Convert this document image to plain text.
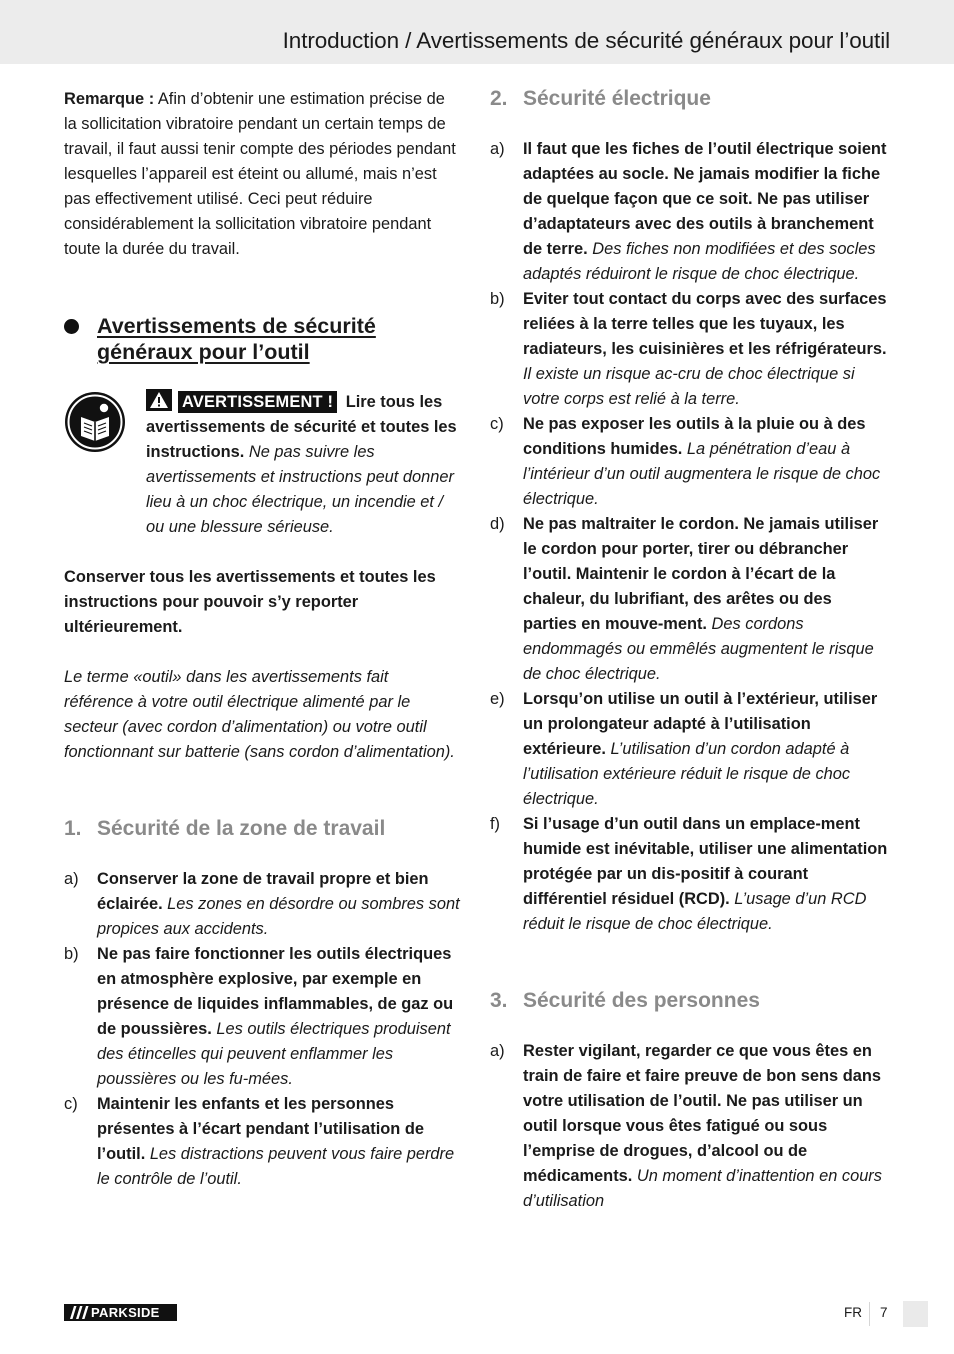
Introduction / Avertissements de sécurité généraux pour l’outil

Remarque : Afin d’obtenir une estimation précise de la sollicitation vibratoire pendant un certain temps de travail, il faut aussi tenir compte des périodes pendant lesquelles l’appareil est éteint ou allumé, mais n’est pas effectivement utilisé. Ceci peut réduire considérablement la sollicitation vibratoire pendant toute la durée du travail.

Avertissements de sécurité
généraux pour l’outil

AVERTISSEMENT ! Lire tous les avertissements de sécurité et toutes les instructions. Ne pas suivre les avertissements et instructions peut donner lieu à un choc électrique, un incendie et / ou une blessure sérieuse.

Conserver tous les avertissements et toutes les instructions pour pouvoir s’y reporter ultérieurement.

Le terme «outil» dans les avertissements fait référence à votre outil électrique alimenté par le secteur (avec cordon d’alimentation) ou votre outil fonctionnant sur batterie (sans cordon d’alimentation).

1. Sécurité de la zone de travail
a)	Conserver la zone de travail propre et bien éclairée. Les zones en désordre ou sombres sont propices aux accidents.
b)	Ne pas faire fonctionner les outils électriques en atmosphère explosive, par exemple en présence de liquides inflammables, de gaz ou de poussières. Les outils électriques produisent des étincelles qui peuvent enflammer les poussières ou les fu-mées.
c)	Maintenir les enfants et les personnes présentes à l’écart pendant l’utilisation de l’outil. Les distractions peuvent vous faire perdre le contrôle de l’outil.
2. Sécurité électrique
a)	Il faut que les fiches de l’outil électrique soient adaptées au socle. Ne jamais modifier la fiche de quelque façon que ce soit. Ne pas utiliser d’adaptateurs avec des outils à branchement de terre. Des fiches non modifiées et des socles adaptés réduiront le risque de choc électrique.
b)	Eviter tout contact du corps avec des surfaces reliées à la terre telles que les tuyaux, les radiateurs, les cuisinières et les réfrigérateurs. Il existe un risque ac-cru de choc électrique si votre corps est relié à la terre.
c)	Ne pas exposer les outils à la pluie ou à des conditions humides. La pénétration d’eau à l’intérieur d’un outil augmentera le risque de choc électrique.
d)	Ne pas maltraiter le cordon. Ne jamais utiliser le cordon pour porter, tirer ou débrancher l’outil. Maintenir le cordon à l’écart de la chaleur, du lubrifiant, des arêtes ou des parties en mouve-ment. Des cordons endommagés ou emmêlés augmentent le risque de choc électrique.
e)	Lorsqu’on utilise un outil à l’extérieur, utiliser un prolongateur adapté à l’utilisation extérieure. L’utilisation d’un cordon adapté à l’utilisation extérieure réduit le risque de choc électrique.
f)	Si l’usage d’un outil dans un emplace-ment humide est inévitable, utiliser une alimentation protégée par un dis-positif à courant différentiel résiduel (RCD). L’usage d’un RCD réduit le risque de choc électrique.
3. Sécurité des personnes
a)	Rester vigilant, regarder ce que vous êtes en train de faire et faire preuve de bon sens dans votre utilisation de l’outil. Ne pas utiliser un outil lorsque vous êtes fatigué ou sous l’emprise de drogues, d’alcool ou de médicaments. Un moment d’inattention en cours d’utilisation
PARKSIDE	FR 7
